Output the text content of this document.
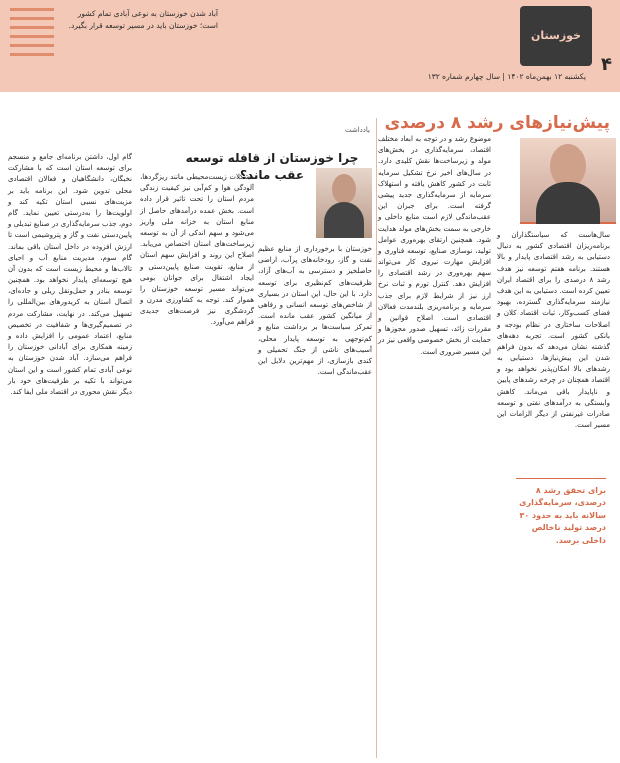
خوزستان
۴
یکشنبه ۱۲ بهمن‌ماه ۱۴۰۲ | سال چهارم شماره ۱۳۲
آباد شدن خوزستان به نوعی آبادی تمام کشور است؛ خوزستان باید در مسیر توسعه قرار بگیرد.
پیش‌نیازهای رشد ۸ درصدی
سال‌هاست که سیاستگذاران و برنامه‌ریزان اقتصادی کشور به دنبال دستیابی به رشد اقتصادی پایدار و بالا هستند. برنامه هفتم توسعه نیز هدف رشد ۸ درصدی را برای اقتصاد ایران تعیین کرده است. دستیابی به این هدف نیازمند سرمایه‌گذاری گسترده، بهبود فضای کسب‌وکار، ثبات اقتصاد کلان و اصلاحات ساختاری در نظام بودجه و بانکی کشور است. تجربه دهه‌های گذشته نشان می‌دهد که بدون فراهم شدن این پیش‌نیازها، دستیابی به رشدهای بالا امکان‌پذیر نخواهد بود و اقتصاد همچنان در چرخه رشدهای پایین و ناپایدار باقی می‌ماند. کاهش وابستگی به درآمدهای نفتی و توسعه صادرات غیرنفتی از دیگر الزامات این مسیر است.
موضوع رشد و در توجه به ابعاد مختلف اقتصاد، سرمایه‌گذاری در بخش‌های مولد و زیرساخت‌ها نقش کلیدی دارد. در سال‌های اخیر نرخ تشکیل سرمایه ثابت در کشور کاهش یافته و استهلاک سرمایه از سرمایه‌گذاری جدید پیشی گرفته است. برای جبران این عقب‌ماندگی لازم است منابع داخلی و خارجی به سمت بخش‌های مولد هدایت شود. همچنین ارتقای بهره‌وری عوامل تولید، نوسازی صنایع، توسعه فناوری و افزایش مهارت نیروی کار می‌تواند سهم بهره‌وری در رشد اقتصادی را افزایش دهد. کنترل تورم و ثبات نرخ ارز نیز از شرایط لازم برای جذب سرمایه و برنامه‌ریزی بلندمدت فعالان اقتصادی است. اصلاح قوانین و مقررات زائد، تسهیل صدور مجوزها و حمایت از بخش خصوصی واقعی نیز در این مسیر ضروری است.
برای تحقق رشد ۸ درصدی، سرمایه‌گذاری سالانه باید به حدود ۳۰ درصد تولید ناخالص داخلی برسد.
یادداشت
چرا خوزستان از قافله توسعه عقب ماند؟
خوزستان با برخورداری از منابع عظیم نفت و گاز، رودخانه‌های پرآب، اراضی حاصلخیز و دسترسی به آب‌های آزاد، ظرفیت‌های کم‌نظیری برای توسعه دارد. با این حال، این استان در بسیاری از شاخص‌های توسعه انسانی و رفاهی از میانگین کشور عقب مانده است. تمرکز سیاست‌ها بر برداشت منابع و کم‌توجهی به توسعه پایدار محلی، آسیب‌های ناشی از جنگ تحمیلی و کندی بازسازی، از مهم‌ترین دلایل این عقب‌ماندگی است.
مشکلات زیست‌محیطی مانند ریزگردها، آلودگی هوا و کم‌آبی نیز کیفیت زندگی مردم استان را تحت تاثیر قرار داده است. بخش عمده درآمدهای حاصل از منابع استان به خزانه ملی واریز می‌شود و سهم اندکی از آن به توسعه زیرساخت‌های استان اختصاص می‌یابد. اصلاح این روند و افزایش سهم استان از منابع، تقویت صنایع پایین‌دستی و ایجاد اشتغال برای جوانان بومی می‌تواند مسیر توسعه خوزستان را هموار کند. توجه به کشاورزی مدرن و گردشگری نیز فرصت‌های جدیدی فراهم می‌آورد.
گام اول، داشتن برنامه‌ای جامع و منسجم برای توسعه استان است که با مشارکت نخبگان، دانشگاهیان و فعالان اقتصادی محلی تدوین شود. این برنامه باید بر مزیت‌های نسبی استان تکیه کند و اولویت‌ها را به‌درستی تعیین نماید. گام دوم، جذب سرمایه‌گذاری در صنایع تبدیلی و پایین‌دستی نفت و گاز و پتروشیمی است تا ارزش افزوده در داخل استان باقی بماند. گام سوم، مدیریت منابع آب و احیای تالاب‌ها و محیط زیست است که بدون آن هیچ توسعه‌ای پایدار نخواهد بود. همچنین توسعه بنادر و حمل‌ونقل ریلی و جاده‌ای، اتصال استان به کریدورهای بین‌المللی را تسهیل می‌کند. در نهایت، مشارکت مردم در تصمیم‌گیری‌ها و شفافیت در تخصیص منابع، اعتماد عمومی را افزایش داده و زمینه همکاری برای آبادانی خوزستان را فراهم می‌سازد. آباد شدن خوزستان به نوعی آبادی تمام کشور است و این استان می‌تواند با تکیه بر ظرفیت‌های خود بار دیگر نقش محوری در اقتصاد ملی ایفا کند.
